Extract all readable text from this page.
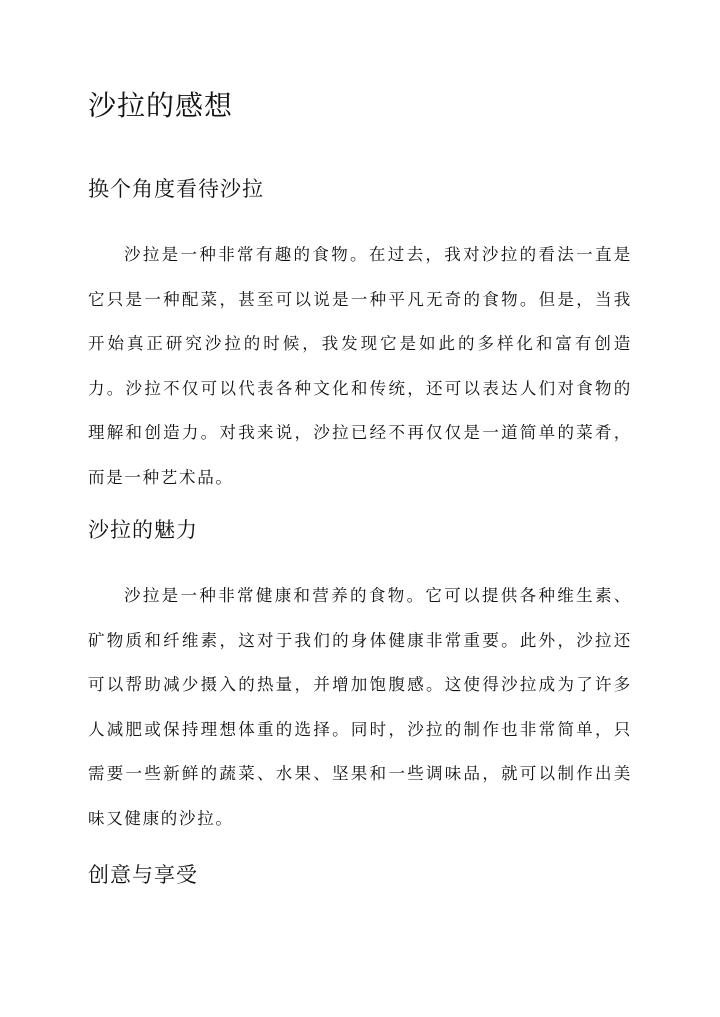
沙拉的感想
换个角度看待沙拉

沙拉是一种非常有趣的食物。在过去，我对沙拉的看法一直是它只是一种配菜，甚至可以说是一种平凡无奇的食物。但是，当我开始真正研究沙拉的时候，我发现它是如此的多样化和富有创造力。沙拉不仅可以代表各种文化和传统，还可以表达人们对食物的理解和创造力。对我来说，沙拉已经不再仅仅是一道简单的菜肴，而是一种艺术品。

沙拉的魅力

沙拉是一种非常健康和营养的食物。它可以提供各种维生素、矿物质和纤维素，这对于我们的身体健康非常重要。此外，沙拉还可以帮助减少摄入的热量，并增加饱腹感。这使得沙拉成为了许多人减肥或保持理想体重的选择。同时，沙拉的制作也非常简单，只需要一些新鲜的蔬菜、水果、坚果和一些调味品，就可以制作出美味又健康的沙拉。

创意与享受
